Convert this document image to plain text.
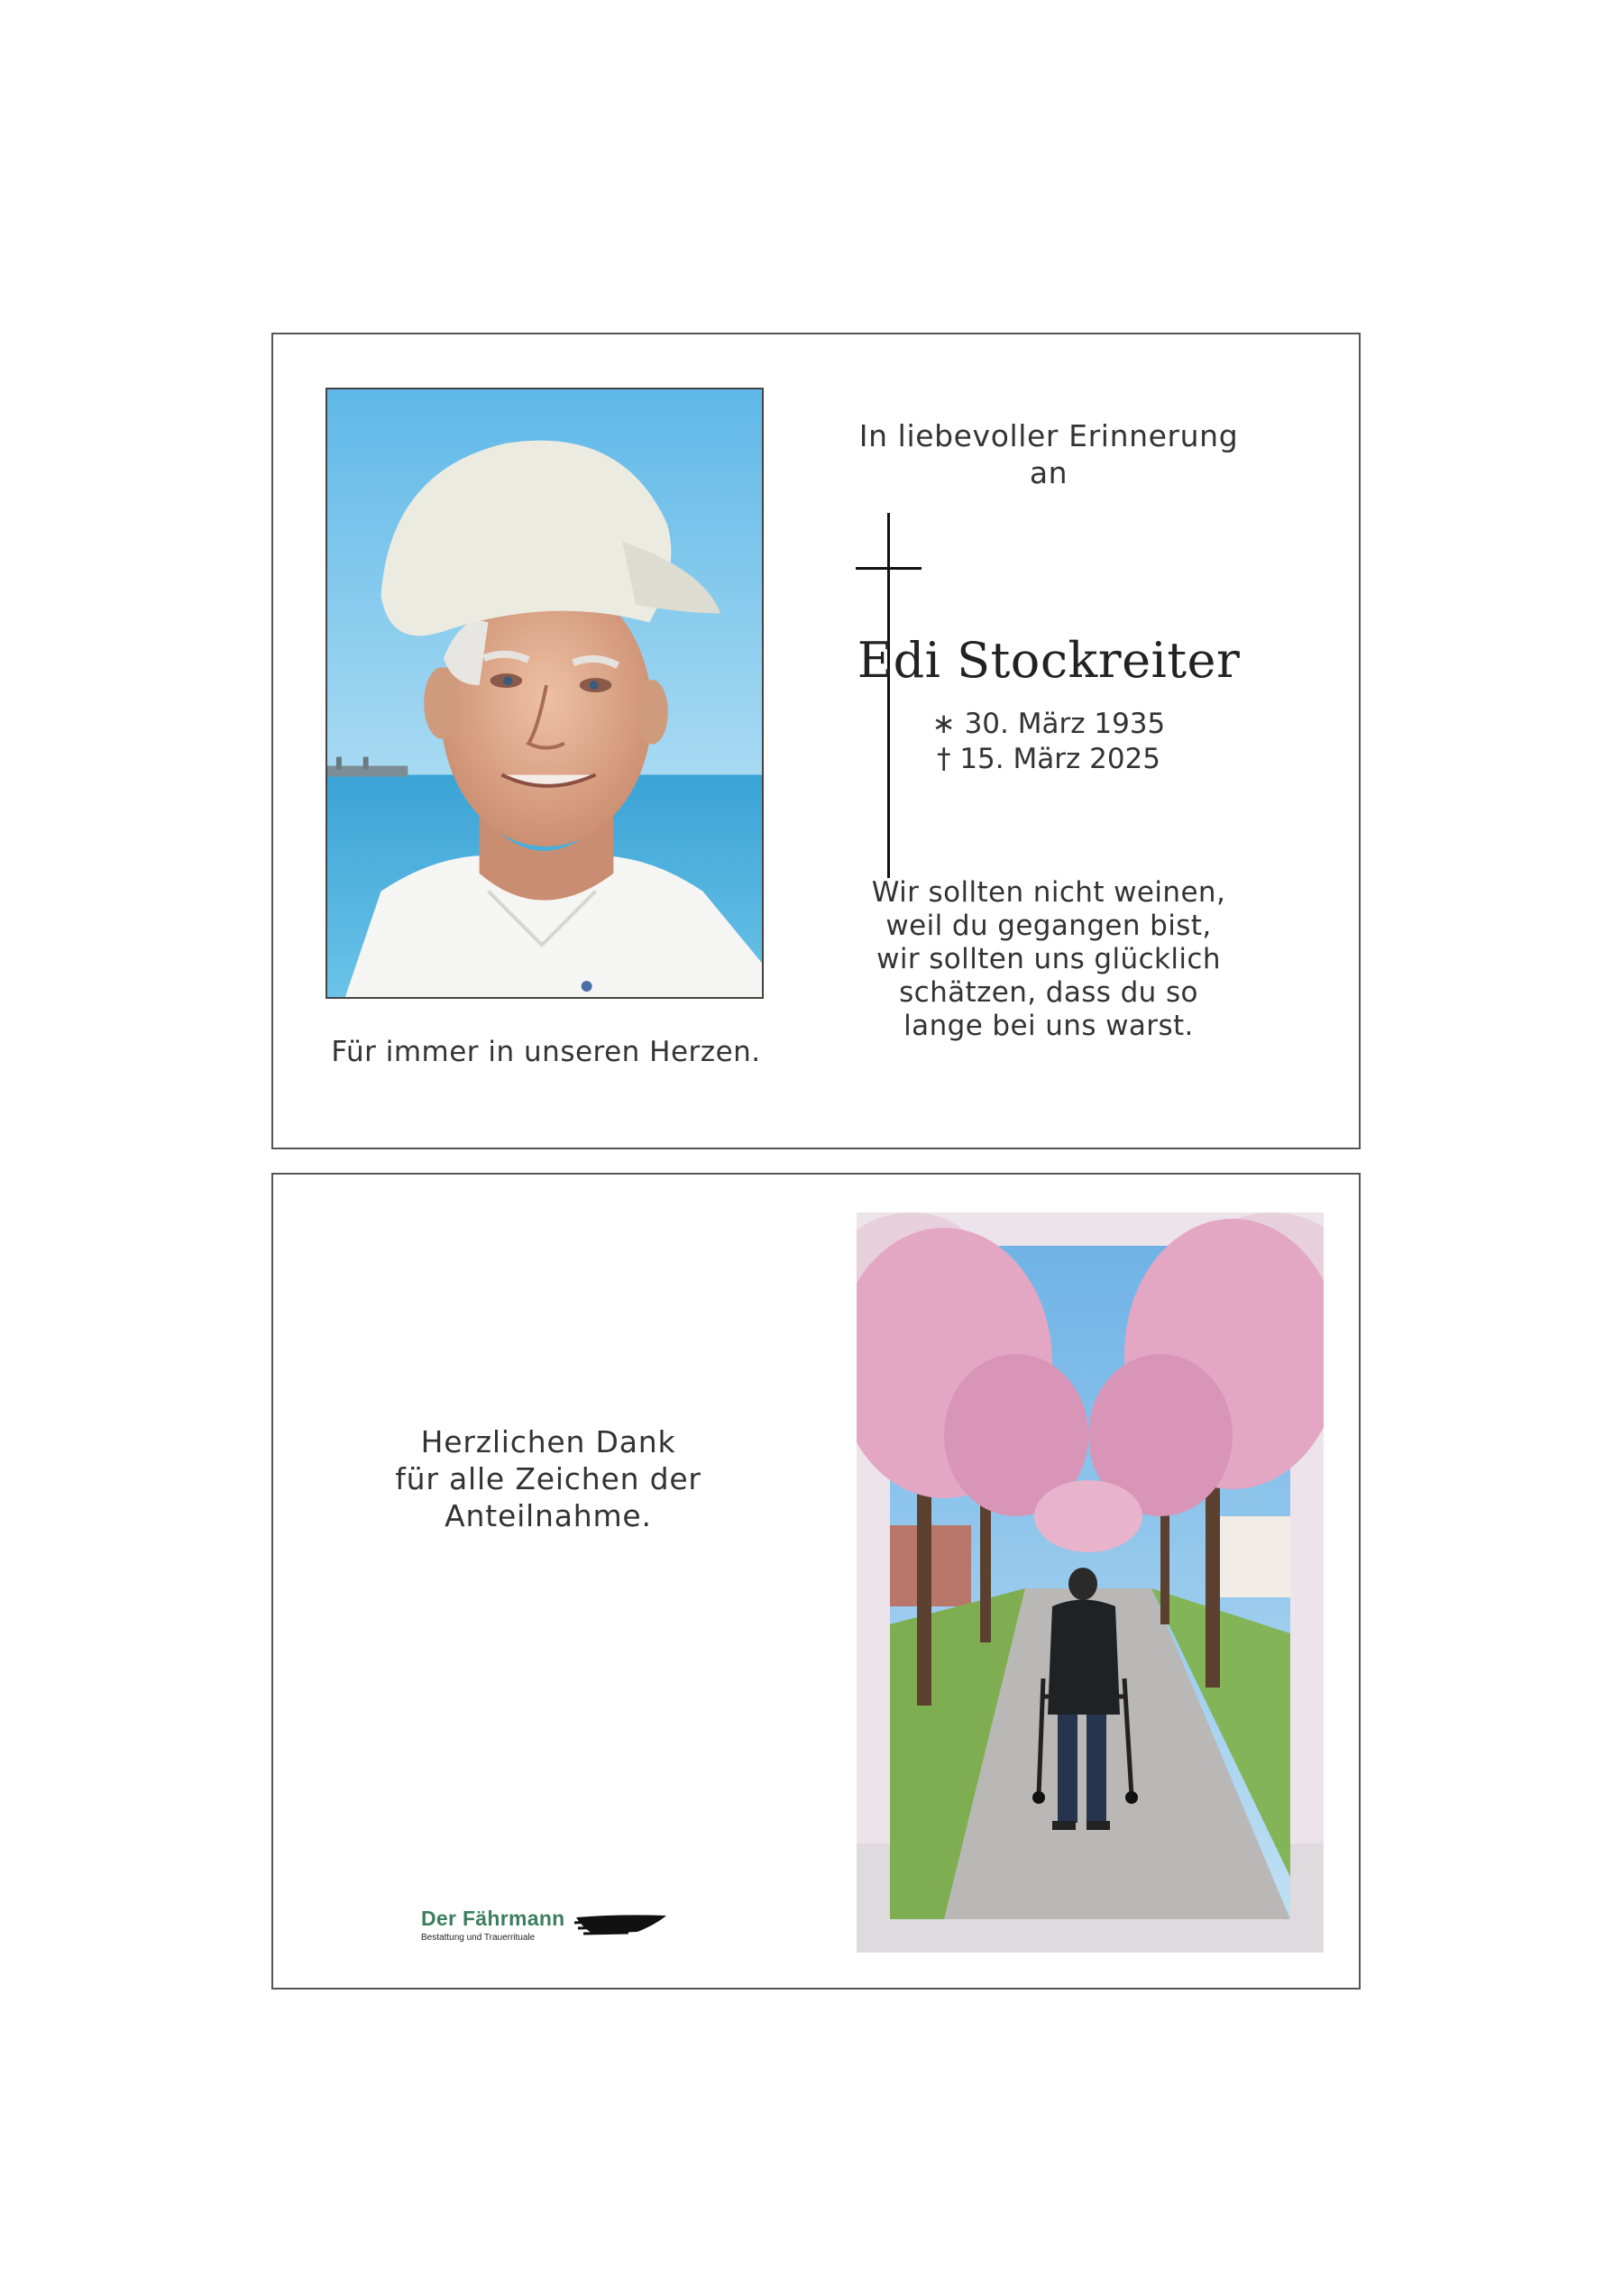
Für immer in unseren Herzen.
In liebevoller Erinnerung
an
Edi Stockreiter
∗ 30. März 1935
† 15. März 2025
Wir sollten nicht weinen,
weil du gegangen bist,
wir sollten uns glücklich
schätzen, dass du so
lange bei uns warst.
Herzlichen Dank
für alle Zeichen der
Anteilnahme.
Der Fährmann
Bestattung und Trauerrituale
